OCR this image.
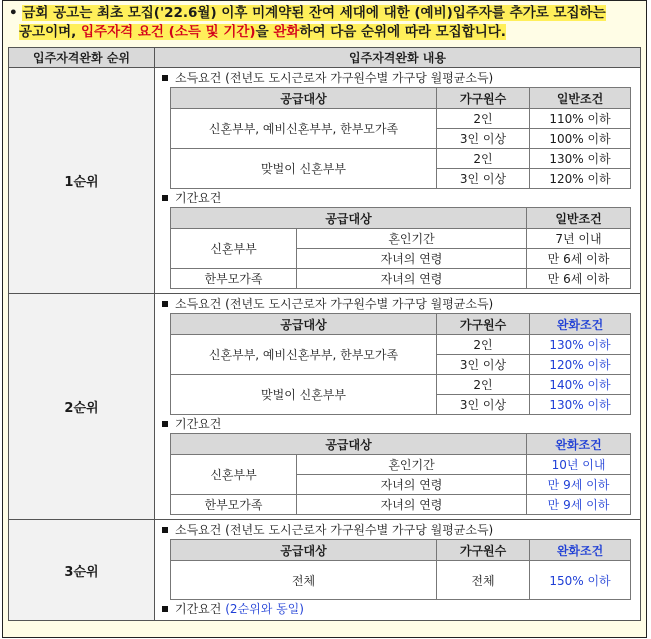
• 금회 공고는 최초 모집('22.6월) 이후 미계약된 잔여 세대에 대한 (예비)입주자를 추가로 모집하는
공고이며, 입주자격 요건 (소득 및 기간)을 완화하여 다음 순위에 따라 모집합니다.
입주자격완화 순위	입주자격완화 내용
1순위	
소득요건 (전년도 도시근로자 가구원수별 가구당 월평균소득)
공급대상	가구원수	일반조건
신혼부부, 예비신혼부부, 한부모가족	2인	110% 이하
3인 이상	100% 이하
맞벌이 신혼부부	2인	130% 이하
3인 이상	120% 이하
기간요건
공급대상	일반조건
신혼부부	혼인기간	7년 이내
자녀의 연령	만 6세 이하
한부모가족	자녀의 연령	만 6세 이하

2순위	
소득요건 (전년도 도시근로자 가구원수별 가구당 월평균소득)
공급대상	가구원수	완화조건
신혼부부, 예비신혼부부, 한부모가족	2인	130% 이하
3인 이상	120% 이하
맞벌이 신혼부부	2인	140% 이하
3인 이상	130% 이하
기간요건
공급대상	완화조건
신혼부부	혼인기간	10년 이내
자녀의 연령	만 9세 이하
한부모가족	자녀의 연령	만 9세 이하

3순위	
소득요건 (전년도 도시근로자 가구원수별 가구당 월평균소득)
공급대상	가구원수	완화조건
전체	전체	150% 이하
기간요건 (2순위와 동일)
